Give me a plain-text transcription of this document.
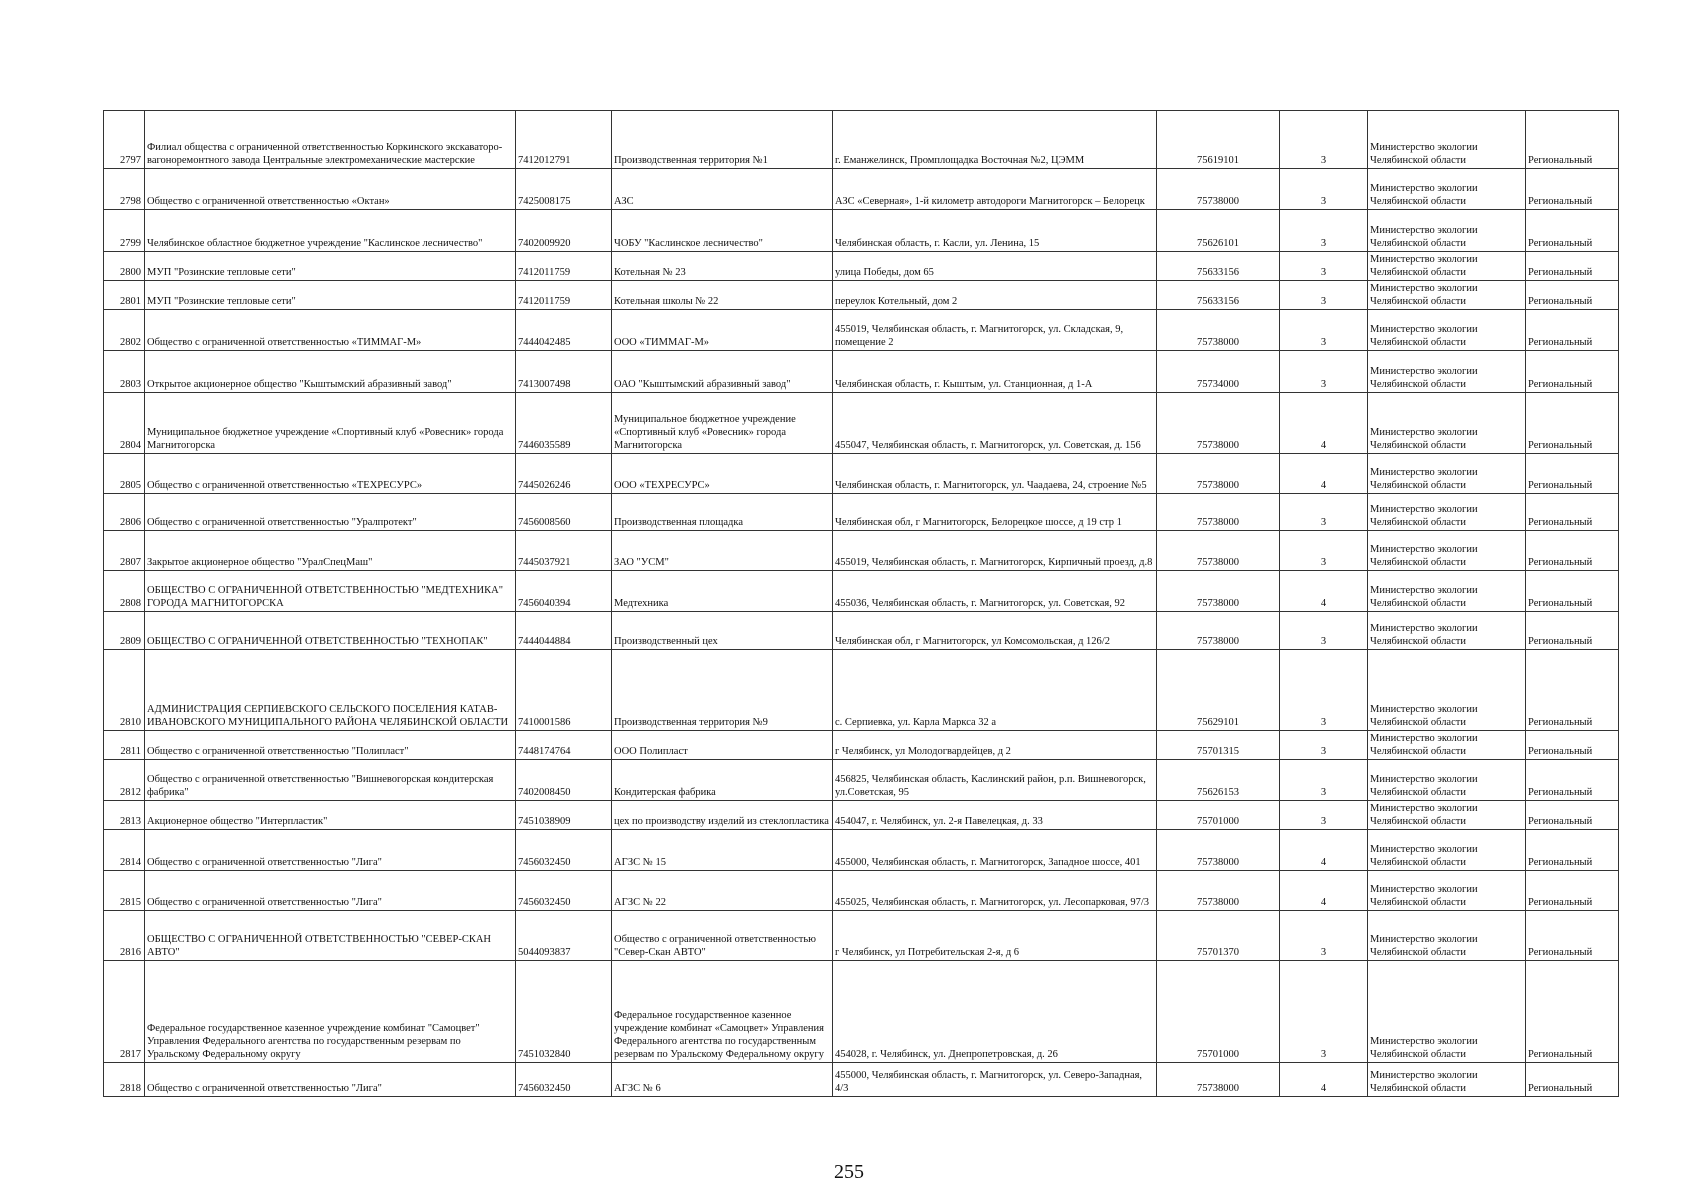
2797	Филиал общества с ограниченной ответственностью Коркинского экскаваторо-вагоноремонтного завода Центральные электромеханические мастерские	7412012791	Производственная территория №1	г. Еманжелинск, Промплощадка Восточная №2, ЦЭММ	75619101	3	Министерство экологии Челябинской области	Региональный
2798	Общество с ограниченной ответственностью «Октан»	7425008175	АЗС	АЗС «Северная», 1-й километр автодороги Магнитогорск – Белорецк	75738000	3	Министерство экологии Челябинской области	Региональный
2799	Челябинское областное бюджетное учреждение "Каслинское лесничество"	7402009920	ЧОБУ "Каслинское лесничество"	Челябинская область, г. Касли, ул. Ленина, 15	75626101	3	Министерство экологии Челябинской области	Региональный
2800	МУП "Розинские тепловые сети"	7412011759	Котельная № 23	улица Победы, дом 65	75633156	3	Министерство экологии Челябинской области	Региональный
2801	МУП "Розинские тепловые сети"	7412011759	Котельная школы № 22	переулок Котельный, дом 2	75633156	3	Министерство экологии Челябинской области	Региональный
2802	Общество с ограниченной ответственностью «ТИММАГ-М»	7444042485	ООО «ТИММАГ-М»	455019, Челябинская область, г. Магнитогорск, ул. Складская, 9, помещение 2	75738000	3	Министерство экологии Челябинской области	Региональный
2803	Открытое акционерное общество "Кыштымский абразивный завод"	7413007498	ОАО "Кыштымский абразивный завод"	Челябинская область, г. Кыштым, ул. Станционная, д 1-А	75734000	3	Министерство экологии Челябинской области	Региональный
2804	Муниципальное бюджетное учреждение «Спортивный клуб «Ровесник» города Магнитогорска	7446035589	Муниципальное бюджетное учреждение «Спортивный клуб «Ровесник» города Магнитогорска	455047, Челябинская область, г. Магнитогорск, ул. Советская, д. 156	75738000	4	Министерство экологии Челябинской области	Региональный
2805	Общество с ограниченной ответственностью «ТЕХРЕСУРС»	7445026246	ООО «ТЕХРЕСУРС»	Челябинская область, г. Магнитогорск, ул. Чаадаева, 24, строение №5	75738000	4	Министерство экологии Челябинской области	Региональный
2806	Общество с ограниченной ответственностью "Уралпротект"	7456008560	Производственная площадка	Челябинская обл, г Магнитогорск, Белорецкое шоссе, д 19 стр 1	75738000	3	Министерство экологии Челябинской области	Региональный
2807	Закрытое акционерное общество "УралСпецМаш"	7445037921	ЗАО "УСМ"	455019, Челябинская область, г. Магнитогорск, Кирпичный проезд, д.8	75738000	3	Министерство экологии Челябинской области	Региональный
2808	ОБЩЕСТВО С ОГРАНИЧЕННОЙ ОТВЕТСТВЕННОСТЬЮ "МЕДТЕХНИКА" ГОРОДА МАГНИТОГОРСКА	7456040394	Медтехника	455036, Челябинская область, г. Магнитогорск, ул. Советская, 92	75738000	4	Министерство экологии Челябинской области	Региональный
2809	ОБЩЕСТВО С ОГРАНИЧЕННОЙ ОТВЕТСТВЕННОСТЬЮ "ТЕХНОПАК"	7444044884	Производственный цех	Челябинская обл, г Магнитогорск, ул Комсомольская, д 126/2	75738000	3	Министерство экологии Челябинской области	Региональный
2810	АДМИНИСТРАЦИЯ СЕРПИЕВСКОГО СЕЛЬСКОГО ПОСЕЛЕНИЯ КАТАВ-ИВАНОВСКОГО МУНИЦИПАЛЬНОГО РАЙОНА ЧЕЛЯБИНСКОЙ ОБЛАСТИ	7410001586	Производственная территория №9	с. Серпиевка, ул. Карла Маркса 32 а	75629101	3	Министерство экологии Челябинской области	Региональный
2811	Общество с ограниченной ответственностью "Полипласт"	7448174764	ООО Полипласт	г Челябинск, ул Молодогвардейцев, д 2	75701315	3	Министерство экологии Челябинской области	Региональный
2812	Общество с ограниченной ответственностью "Вишневогорская кондитерская фабрика"	7402008450	Кондитерская фабрика	456825, Челябинская область, Каслинский район, р.п. Вишневогорск, ул.Советская, 95	75626153	3	Министерство экологии Челябинской области	Региональный
2813	Акционерное общество "Интерпластик"	7451038909	цех по производству изделий из стеклопластика	454047, г. Челябинск, ул. 2-я Павелецкая, д. 33	75701000	3	Министерство экологии Челябинской области	Региональный
2814	Общество с ограниченной ответственностью "Лига"	7456032450	АГЗС № 15	455000, Челябинская область, г. Магнитогорск, Западное шоссе, 401	75738000	4	Министерство экологии Челябинской области	Региональный
2815	Общество с ограниченной ответственностью "Лига"	7456032450	АГЗС № 22	455025, Челябинская область, г. Магнитогорск, ул. Лесопарковая, 97/3	75738000	4	Министерство экологии Челябинской области	Региональный
2816	ОБЩЕСТВО С ОГРАНИЧЕННОЙ ОТВЕТСТВЕННОСТЬЮ "СЕВЕР-СКАН АВТО"	5044093837	Общество с ограниченной ответственностью "Север-Скан АВТО"	г Челябинск, ул Потребительская 2-я, д 6	75701370	3	Министерство экологии Челябинской области	Региональный
2817	Федеральное государственное казенное учреждение комбинат "Самоцвет" Управления Федерального агентства по государственным резервам по Уральскому Федеральному округу	7451032840	Федеральное государственное казенное учреждение комбинат «Самоцвет» Управления Федерального агентства по государственным резервам по Уральскому Федеральному округу	454028, г. Челябинск, ул. Днепропетровская, д. 26	75701000	3	Министерство экологии Челябинской области	Региональный
2818	Общество с ограниченной ответственностью "Лига"	7456032450	АГЗС № 6	455000, Челябинская область, г. Магнитогорск, ул. Северо-Западная, 4/3	75738000	4	Министерство экологии Челябинской области	Региональный
255
